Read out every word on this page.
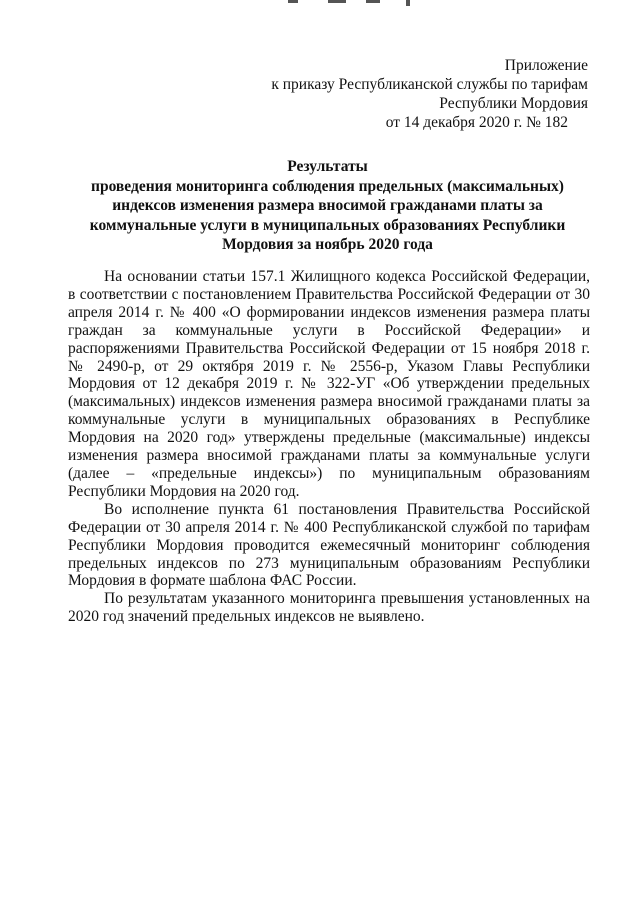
Приложение
к приказу Республиканской службы по тарифам
Республики Мордовия
от 14 декабря 2020 г. № 182
Результаты
проведения мониторинга соблюдения предельных (максимальных)
индексов изменения размера вносимой гражданами платы за
коммунальные услуги в муниципальных образованиях Республики
Мордовия за ноябрь 2020 года

На основании статьи 157.1 Жилищного кодекса Российской Федерации, в соответствии с постановлением Правительства Российской Федерации от 30 апреля 2014 г. № 400 «О формировании индексов изменения размера платы граждан за коммунальные услуги в Российской Федерации» и распоряжениями Правительства Российской Федерации от 15 ноября 2018 г. № 2490-р, от 29 октября 2019 г. № 2556-р, Указом Главы Республики Мордовия от 12 декабря 2019 г. № 322-УГ «Об утверждении предельных (максимальных) индексов изменения размера вносимой гражданами платы за коммунальные услуги в муниципальных образованиях в Республике Мордовия на 2020 год» утверждены предельные (максимальные) индексы изменения размера вносимой гражданами платы за коммунальные услуги (далее – «предельные индексы») по муниципальным образованиям Республики Мордовия на 2020 год.

Во исполнение пункта 61 постановления Правительства Российской Федерации от 30 апреля 2014 г. № 400 Республиканской службой по тарифам Республики Мордовия проводится ежемесячный мониторинг соблюдения предельных индексов по 273 муниципальным образованиям Республики Мордовия в формате шаблона ФАС России.

По результатам указанного мониторинга превышения установленных на 2020 год значений предельных индексов не выявлено.
